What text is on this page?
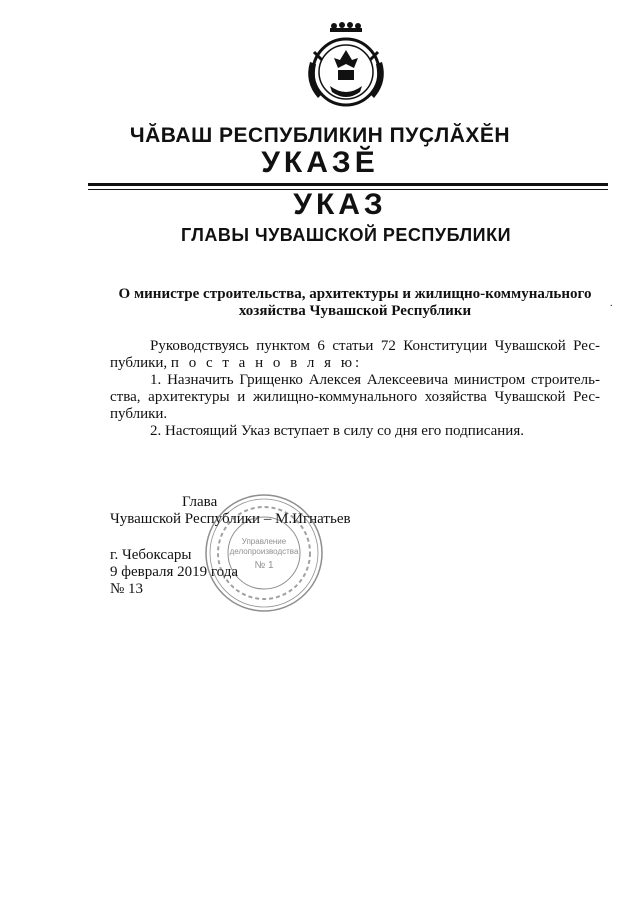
ЧĂВАШ РЕСПУБЛИКИН ПУҪЛĂХĔН
УКАЗĔ
УКАЗ
ГЛАВЫ ЧУВАШСКОЙ РЕСПУБЛИКИ
.
О министре строительства, архитектуры и жилищно-коммунального
хозяйства Чувашской Республики

Руководствуясь пунктом 6 статьи 72 Конституции Чувашской Республики, п о с т а н о в л я ю:

1. Назначить Грищенко Алексея Алексеевича министром строительства, архитектуры и жилищно-коммунального хозяйства Чувашской Республики.

2. Настоящий Указ вступает в силу со дня его подписания.

Глава
Чувашской Республики – М.Игнатьев
г. Чебоксары
9 февраля 2019 года
№ 13
Управление
делопроизводства
№ 1
